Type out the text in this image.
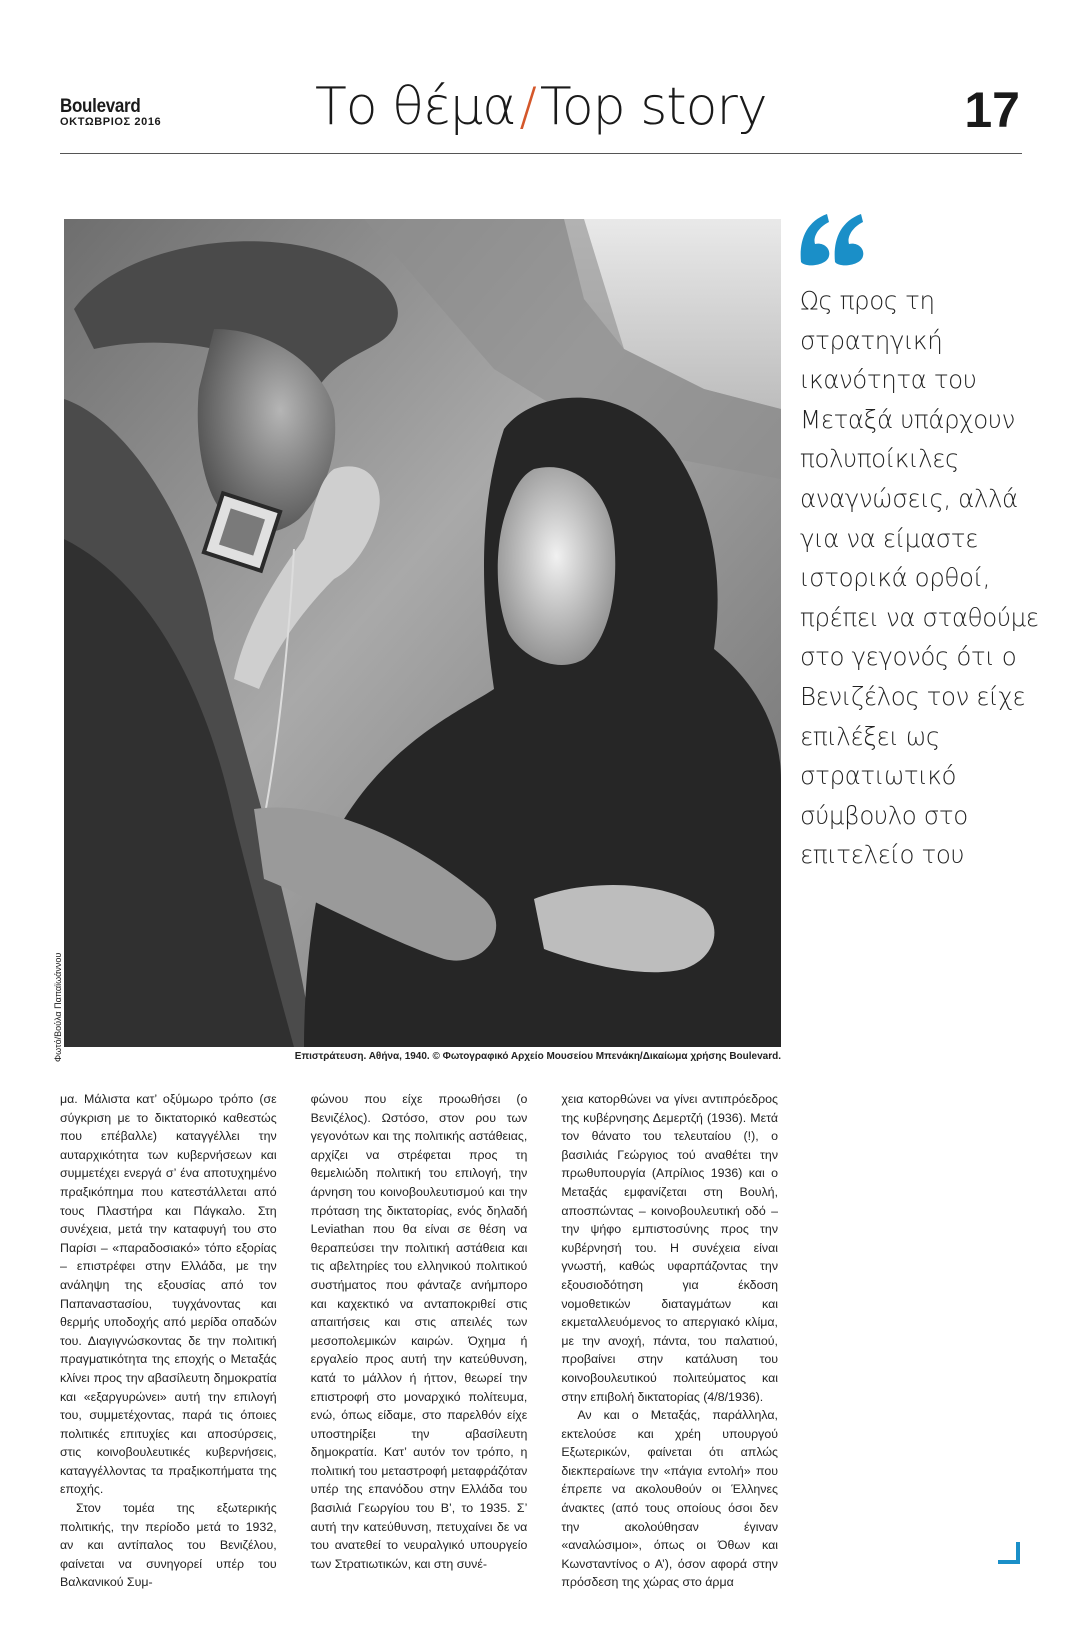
Boulevard
ΟΚΤΩΒΡΙΟΣ 2016	Το θέμα/Top story	17
Φωτό/Βούλα Παπαϊωάννου	Επιστράτευση. Αθήνα, 1940. © Φωτογραφικό Αρχείο Μουσείου Μπενάκη/Δικαίωμα χρήσης Boulevard.
Ως προς τη στρατηγική ικανότητα του Μεταξά υπάρχουν πολυποίκιλες αναγνώσεις, αλλά για να είμαστε ιστορικά ορθοί, πρέπει να σταθούμε στο γεγονός ότι ο Βενιζέλος τον είχε επιλέξει ως στρατιωτικό σύμβουλο στο επιτελείο του

μα. Μάλιστα κατ’ οξύμωρο τρόπο (σε σύγκριση με το δικτατορικό καθεστώς που επέβαλλε) καταγγέλλει την αυταρχικότητα των κυβερνήσεων και συμμετέχει ενεργά σ’ ένα αποτυχημένο πραξικόπημα που κατεστάλλεται από τους Πλαστήρα και Πάγκαλο. Στη συνέχεια, μετά την καταφυγή του στο Παρίσι – «παραδοσιακό» τόπο εξορίας – επιστρέφει στην Ελλάδα, με την ανάληψη της εξουσίας από τον Παπαναστασίου, τυγχάνοντας και θερμής υποδοχής από μερίδα οπαδών του. Διαγιγνώσκοντας δε την πολιτική πραγματικότητα της εποχής ο Μεταξάς κλίνει προς την αβασίλευτη δημοκρατία και «εξαργυρώνει» αυτή την επιλογή του, συμμετέχοντας, παρά τις όποιες πολιτικές επιτυχίες και αποσύρσεις, στις κοινοβουλευτικές κυβερνήσεις, καταγγέλλοντας τα πραξικοπήματα της εποχής.

Στον τομέα της εξωτερικής πολιτικής, την περίοδο μετά το 1932, αν και αντίπαλος του Βενιζέλου, φαίνεται να συνηγορεί υπέρ του Βαλκανικού Συμ-

φώνου που είχε προωθήσει (ο Βενιζέλος). Ωστόσο, στον ρου των γεγονότων και της πολιτικής αστάθειας, αρχίζει να στρέφεται προς τη θεμελιώδη πολιτική του επιλογή, την άρνηση του κοινοβουλευτισμού και την πρόταση της δικτατορίας, ενός δηλαδή Leviathan που θα είναι σε θέση να θεραπεύσει την πολιτική αστάθεια και τις αβελτηρίες του ελληνικού πολιτικού συστήματος που φάνταζε ανήμπορο και καχεκτικό να ανταποκριθεί στις απαιτήσεις και στις απειλές των μεσοπολεμικών καιρών. Όχημα ή εργαλείο προς αυτή την κατεύθυνση, κατά το μάλλον ή ήττον, θεωρεί την επιστροφή στο μοναρχικό πολίτευμα, ενώ, όπως είδαμε, στο παρελθόν είχε υποστηρίξει την αβασίλευτη δημοκρατία. Κατ’ αυτόν τον τρόπο, η πολιτική του μεταστροφή μεταφράζόταν υπέρ της επανόδου στην Ελλάδα του βασιλιά Γεωργίου του Β’, το 1935. Σ’ αυτή την κατεύθυνση, πετυχαίνει δε να του ανατεθεί το νευραλγικό υπουργείο των Στρατιωτικών, και στη συνέ-

χεια κατορθώνει να γίνει αντιπρόεδρος της κυβέρνησης Δεμερτζή (1936). Μετά τον θάνατο του τελευταίου (!), ο βασιλιάς Γεώργιος τού αναθέτει την πρωθυπουργία (Απρίλιος 1936) και ο Μεταξάς εμφανίζεται στη Βουλή, αποσπώντας – κοινοβουλευτική οδό – την ψήφο εμπιστοσύνης προς την κυβέρνησή του. Η συνέχεια είναι γνωστή, καθώς υφαρπάζοντας την εξουσιοδότηση για έκδοση νομοθετικών διαταγμάτων και εκμεταλλευόμενος το απεργιακό κλίμα, με την ανοχή, πάντα, του παλατιού, προβαίνει στην κατάλυση του κοινοβουλευτικού πολιτεύματος και στην επιβολή δικτατορίας (4/8/1936).

Αν και ο Μεταξάς, παράλληλα, εκτελούσε και χρέη υπουργού Εξωτερικών, φαίνεται ότι απλώς διεκπεραίωνε την «πάγια εντολή» που έπρεπε να ακολουθούν οι Έλληνες άνακτες (από τους οποίους όσοι δεν την ακολούθησαν έγιναν «αναλώσιμοι», όπως οι Όθων και Κωνσταντίνος ο Α’), όσον αφορά στην πρόσδεση της χώρας στο άρμα
